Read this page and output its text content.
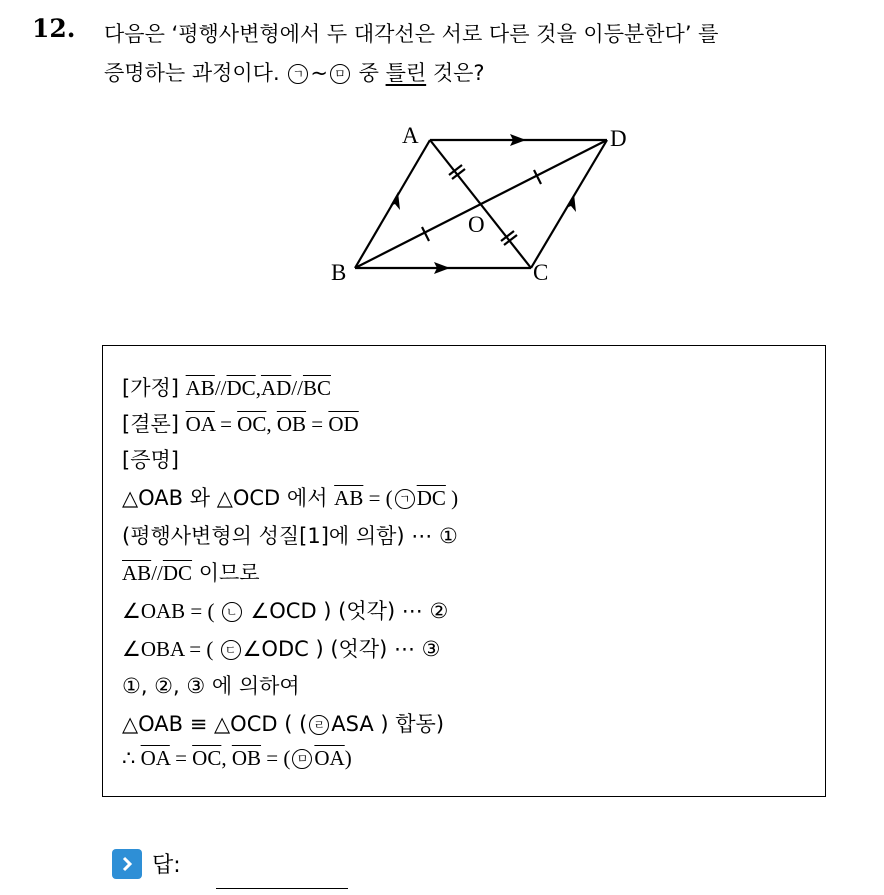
12. 다음은 ‘평행사변형에서 두 대각선은 서로 다른 것을 이등분한다’ 를
증명하는 과정이다. ㄱ ~ ㅁ 중 틀린 것은?
A	D
B	C
O
[가정] $\overline{AB}//\overline{DC},\overline{AD}//\overline{BC}$
[결론] $\overline{OA} = \overline{OC}$, $\overline{OB} = \overline{OD}$
[증명]
△OAB 와 △OCD 에서 $\overline{AB}$ = ( ㄱ $\overline{DC}$ )
(평행사변형의 성질[1]에 의함) ⋯ ①
$\overline{AB}//\overline{DC}$ 이므로
∠OAB = ( ㄴ ∠OCD ) (엇각) ⋯ ②
∠OBA = ( ㄷ ∠ODC ) (엇각) ⋯ ③
①, ②, ③ 에 의하여
△OAB ≡ △OCD ( ( ㄹ ASA ) 합동)
∴ $\overline{OA} = \overline{OC}$, $\overline{OB}$ = ( ㅁ $\overline{OA}$)
답:
